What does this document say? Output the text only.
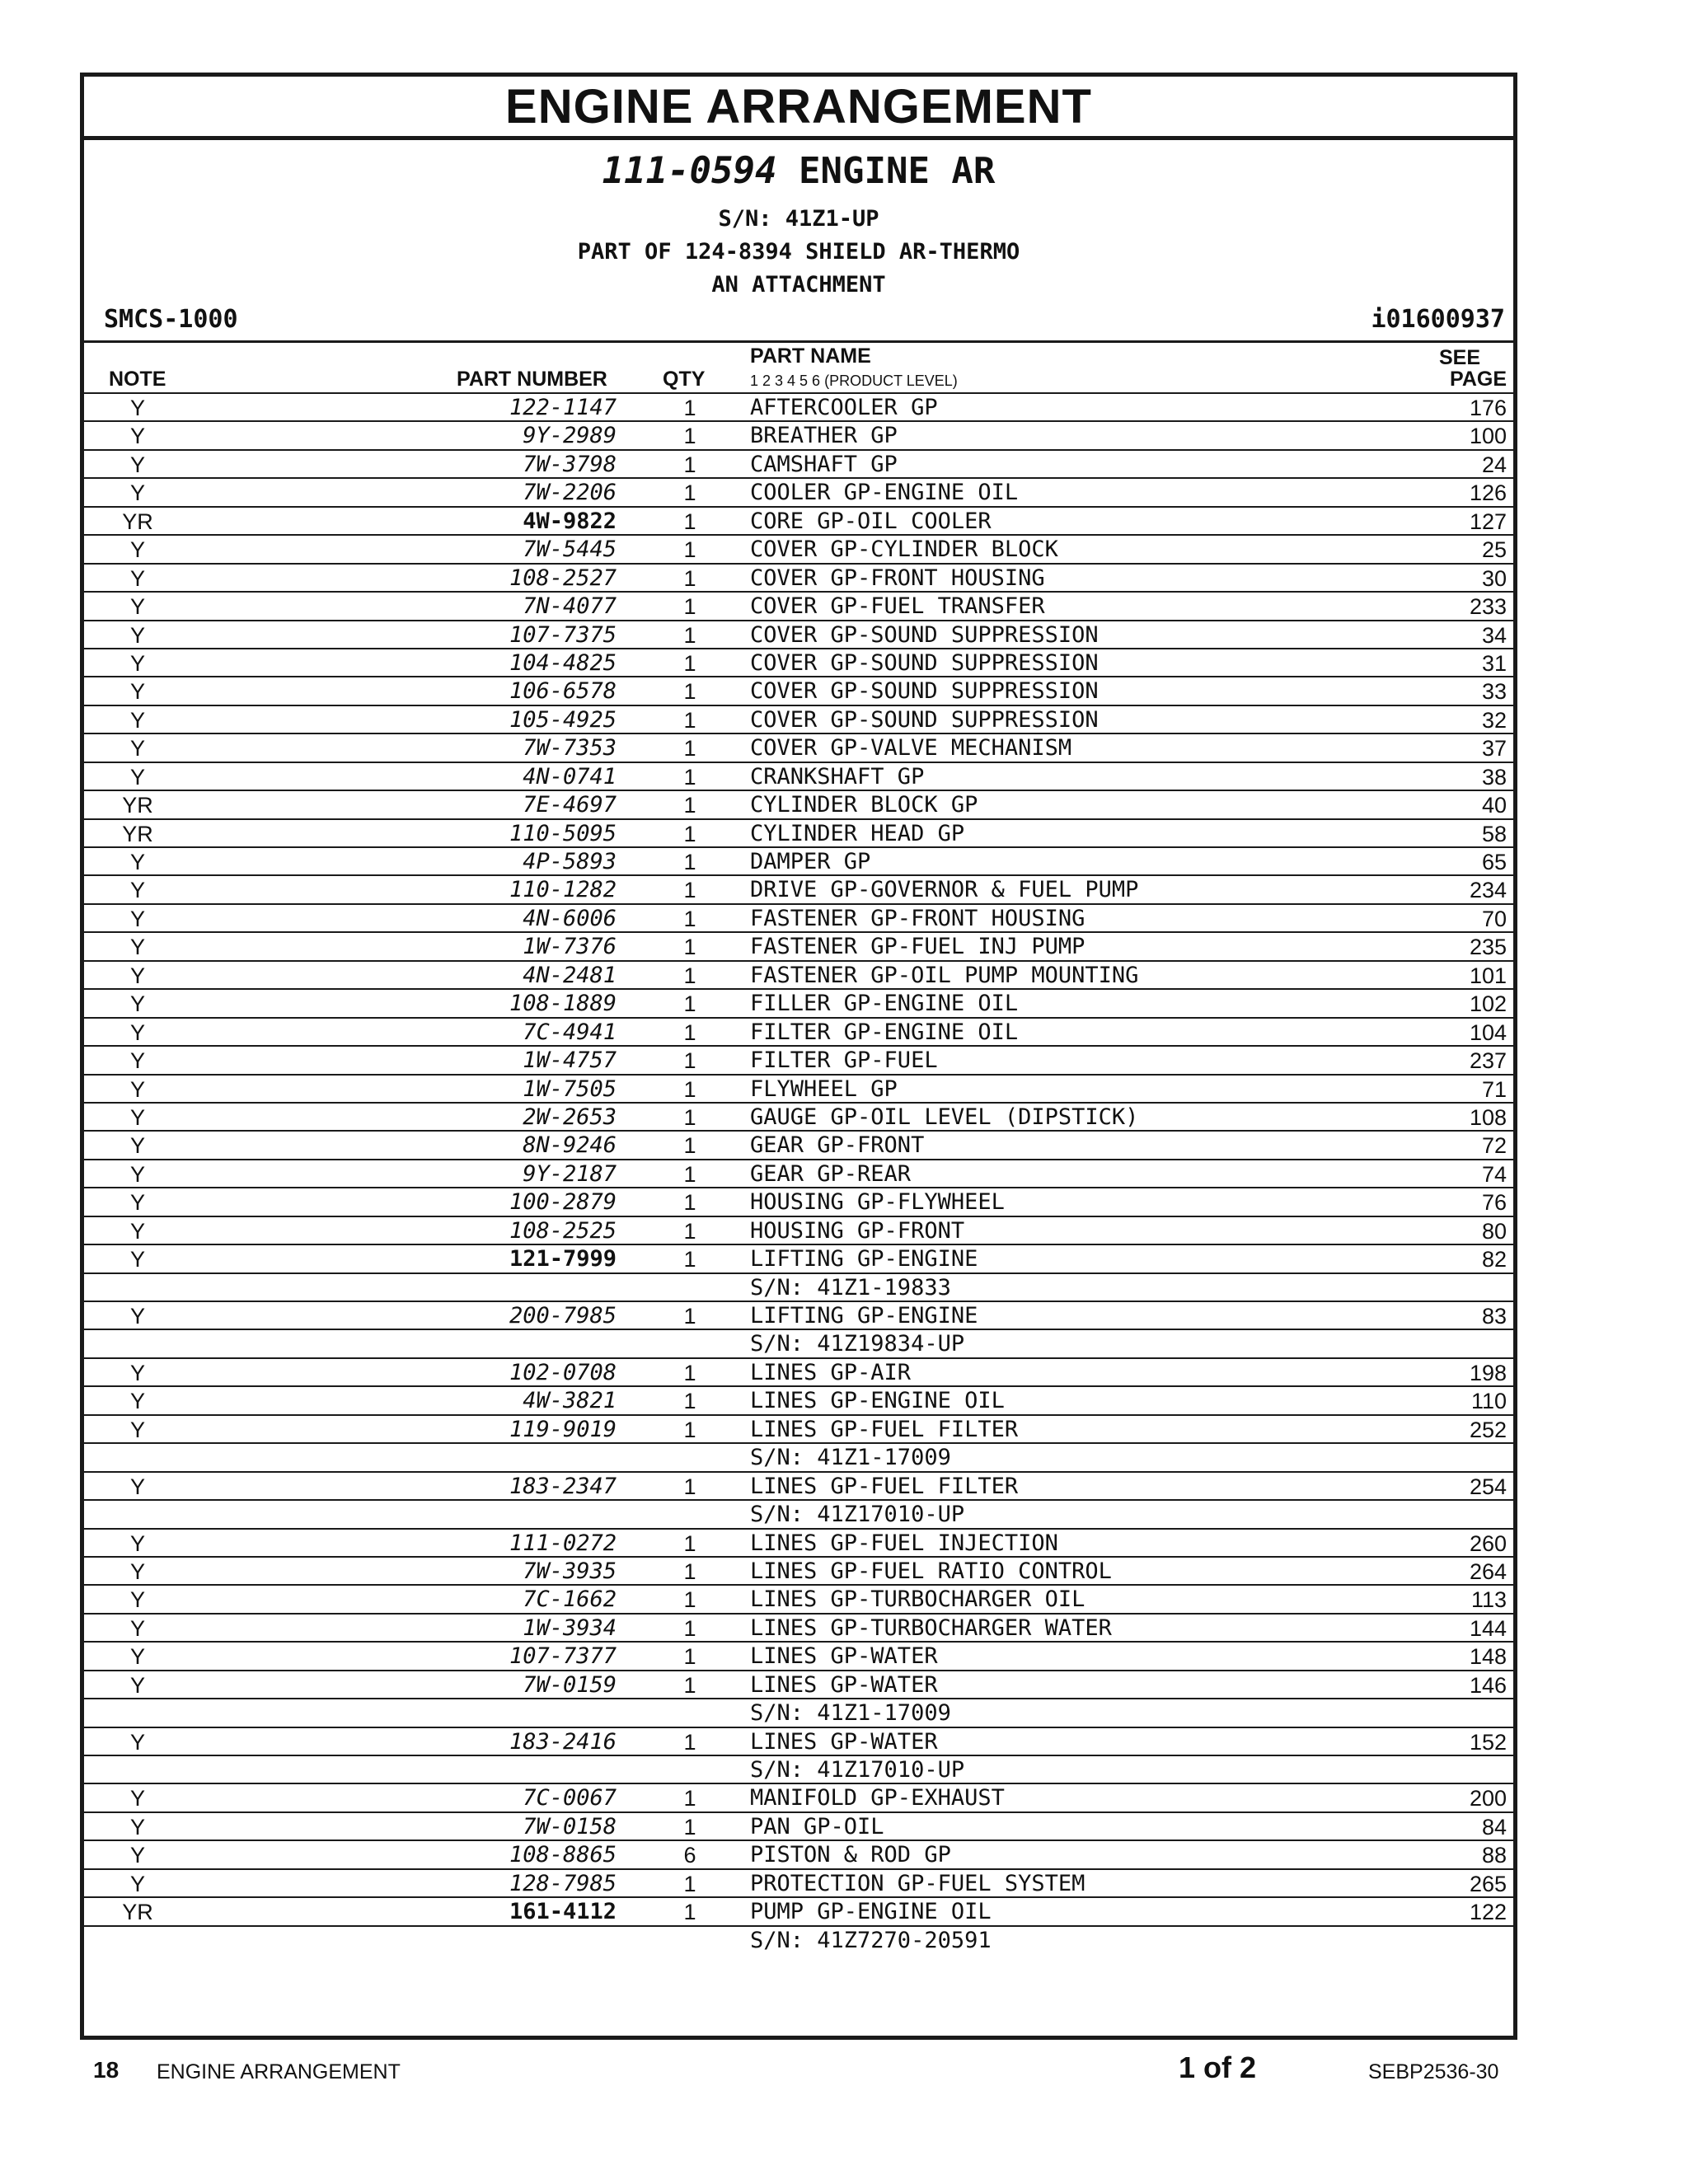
ENGINE ARRANGEMENT
111-0594 ENGINE AR
S/N: 41Z1-UP
PART OF 124-8394 SHIELD AR-THERMO
AN ATTACHMENT
SMCS-1000	i01600937
NOTE	PART NUMBER	QTY
PART NAME
1 2 3 4 5 6 (PRODUCT LEVEL)
SEE
PAGE
Y	122-1147	1 AFTERCOOLER GP	176
Y	9Y-2989	1 BREATHER GP	100
Y	7W-3798	1 CAMSHAFT GP	24
Y	7W-2206	1 COOLER GP-ENGINE OIL	126
YR	4W-9822	1 CORE GP-OIL COOLER	127
Y	7W-5445	1 COVER GP-CYLINDER BLOCK	25
Y	108-2527	1 COVER GP-FRONT HOUSING	30
Y	7N-4077	1 COVER GP-FUEL TRANSFER	233
Y	107-7375	1 COVER GP-SOUND SUPPRESSION	34
Y	104-4825	1 COVER GP-SOUND SUPPRESSION	31
Y	106-6578	1 COVER GP-SOUND SUPPRESSION	33
Y	105-4925	1 COVER GP-SOUND SUPPRESSION	32
Y	7W-7353	1 COVER GP-VALVE MECHANISM	37
Y	4N-0741	1 CRANKSHAFT GP	38
YR	7E-4697	1 CYLINDER BLOCK GP	40
YR	110-5095	1 CYLINDER HEAD GP	58
Y	4P-5893	1 DAMPER GP	65
Y	110-1282	1 DRIVE GP-GOVERNOR & FUEL PUMP	234
Y	4N-6006	1 FASTENER GP-FRONT HOUSING	70
Y	1W-7376	1 FASTENER GP-FUEL INJ PUMP	235
Y	4N-2481	1 FASTENER GP-OIL PUMP MOUNTING	101
Y	108-1889	1 FILLER GP-ENGINE OIL	102
Y	7C-4941	1 FILTER GP-ENGINE OIL	104
Y	1W-4757	1 FILTER GP-FUEL	237
Y	1W-7505	1 FLYWHEEL GP	71
Y	2W-2653	1 GAUGE GP-OIL LEVEL (DIPSTICK)	108
Y	8N-9246	1 GEAR GP-FRONT	72
Y	9Y-2187	1 GEAR GP-REAR	74
Y	100-2879	1 HOUSING GP-FLYWHEEL	76
Y	108-2525	1 HOUSING GP-FRONT	80
Y	121-7999	1 LIFTING GP-ENGINE	82
S/N: 41Z1-19833
Y	200-7985	1 LIFTING GP-ENGINE	83
S/N: 41Z19834-UP
Y	102-0708	1 LINES GP-AIR	198
Y	4W-3821	1 LINES GP-ENGINE OIL	110
Y	119-9019	1 LINES GP-FUEL FILTER	252
S/N: 41Z1-17009
Y	183-2347	1 LINES GP-FUEL FILTER	254
S/N: 41Z17010-UP
Y	111-0272	1 LINES GP-FUEL INJECTION	260
Y	7W-3935	1 LINES GP-FUEL RATIO CONTROL	264
Y	7C-1662	1 LINES GP-TURBOCHARGER OIL	113
Y	1W-3934	1 LINES GP-TURBOCHARGER WATER	144
Y	107-7377	1 LINES GP-WATER	148
Y	7W-0159	1 LINES GP-WATER	146
S/N: 41Z1-17009
Y	183-2416	1 LINES GP-WATER	152
S/N: 41Z17010-UP
Y	7C-0067	1 MANIFOLD GP-EXHAUST	200
Y	7W-0158	1 PAN GP-OIL	84
Y	108-8865	6 PISTON & ROD GP	88
Y	128-7985	1 PROTECTION GP-FUEL SYSTEM	265
YR	161-4112	1 PUMP GP-ENGINE OIL	122
S/N: 41Z7270-20591
18 ENGINE ARRANGEMENT	1 of 2	SEBP2536-30
